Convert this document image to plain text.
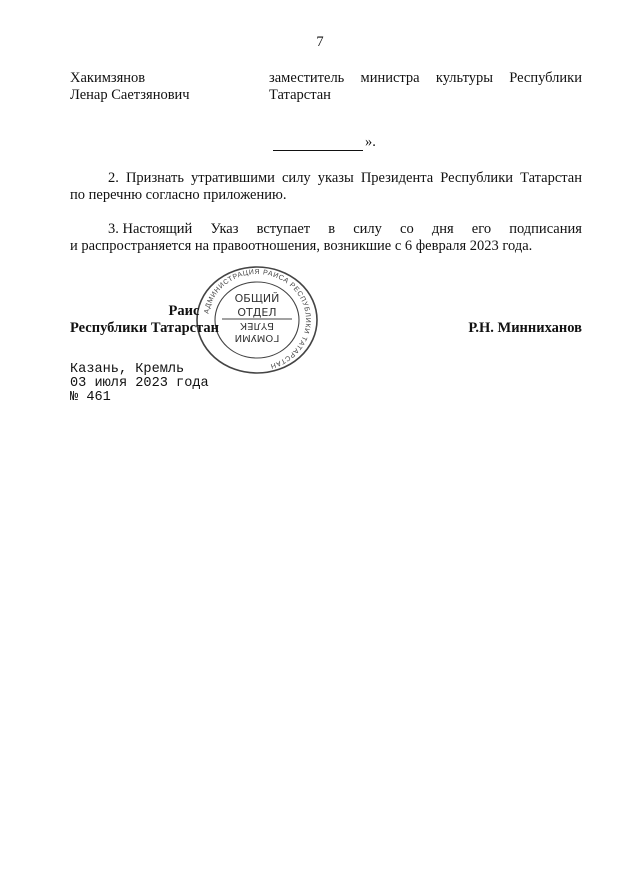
7
Хакимзянов
Ленар Саетзянович
заместитель министра культуры Республики
Татарстан
».
2. Признать утратившими силу указы Президента Республики Татарстан
по перечню согласно приложению.
3. Настоящий Указ вступает в силу со дня его подписания
и распространяется на правоотношения, возникшие с 6 февраля 2023 года.
АДМИНИСТРАЦИЯ РАИСА РЕСПУБЛИКИ ТАТАРСТАН
ОБЩИЙ
ОТДЕЛ
ГОМУМИ
БҮЛЕК
Раис
Республики Татарстан	Р.Н. Минниханов
Казань, Кремль
03 июля 2023 года
№ 461
